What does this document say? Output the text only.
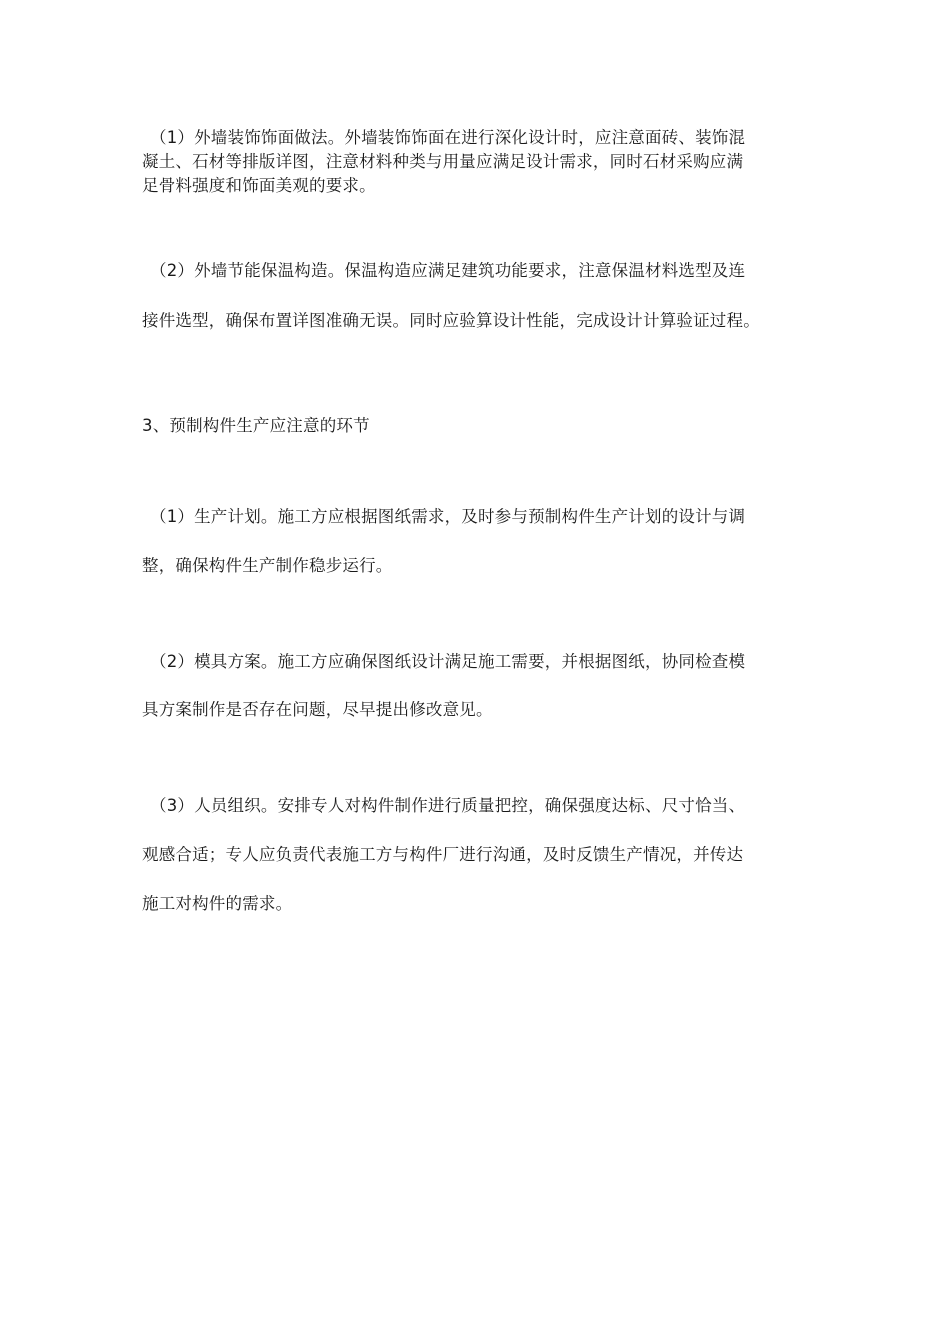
（1）外墙装饰饰面做法。外墙装饰饰面在进行深化设计时，应注意面砖、装饰混
凝土、石材等排版详图，注意材料种类与用量应满足设计需求，同时石材采购应满
足骨料强度和饰面美观的要求。
（2）外墙节能保温构造。保温构造应满足建筑功能要求，注意保温材料选型及连
接件选型，确保布置详图准确无误。同时应验算设计性能，完成设计计算验证过程。
3、预制构件生产应注意的环节
（1）生产计划。施工方应根据图纸需求，及时参与预制构件生产计划的设计与调
整，确保构件生产制作稳步运行。
（2）模具方案。施工方应确保图纸设计满足施工需要，并根据图纸，协同检查模
具方案制作是否存在问题，尽早提出修改意见。
（3）人员组织。安排专人对构件制作进行质量把控，确保强度达标、尺寸恰当、
观感合适；专人应负责代表施工方与构件厂进行沟通，及时反馈生产情况，并传达
施工对构件的需求。
